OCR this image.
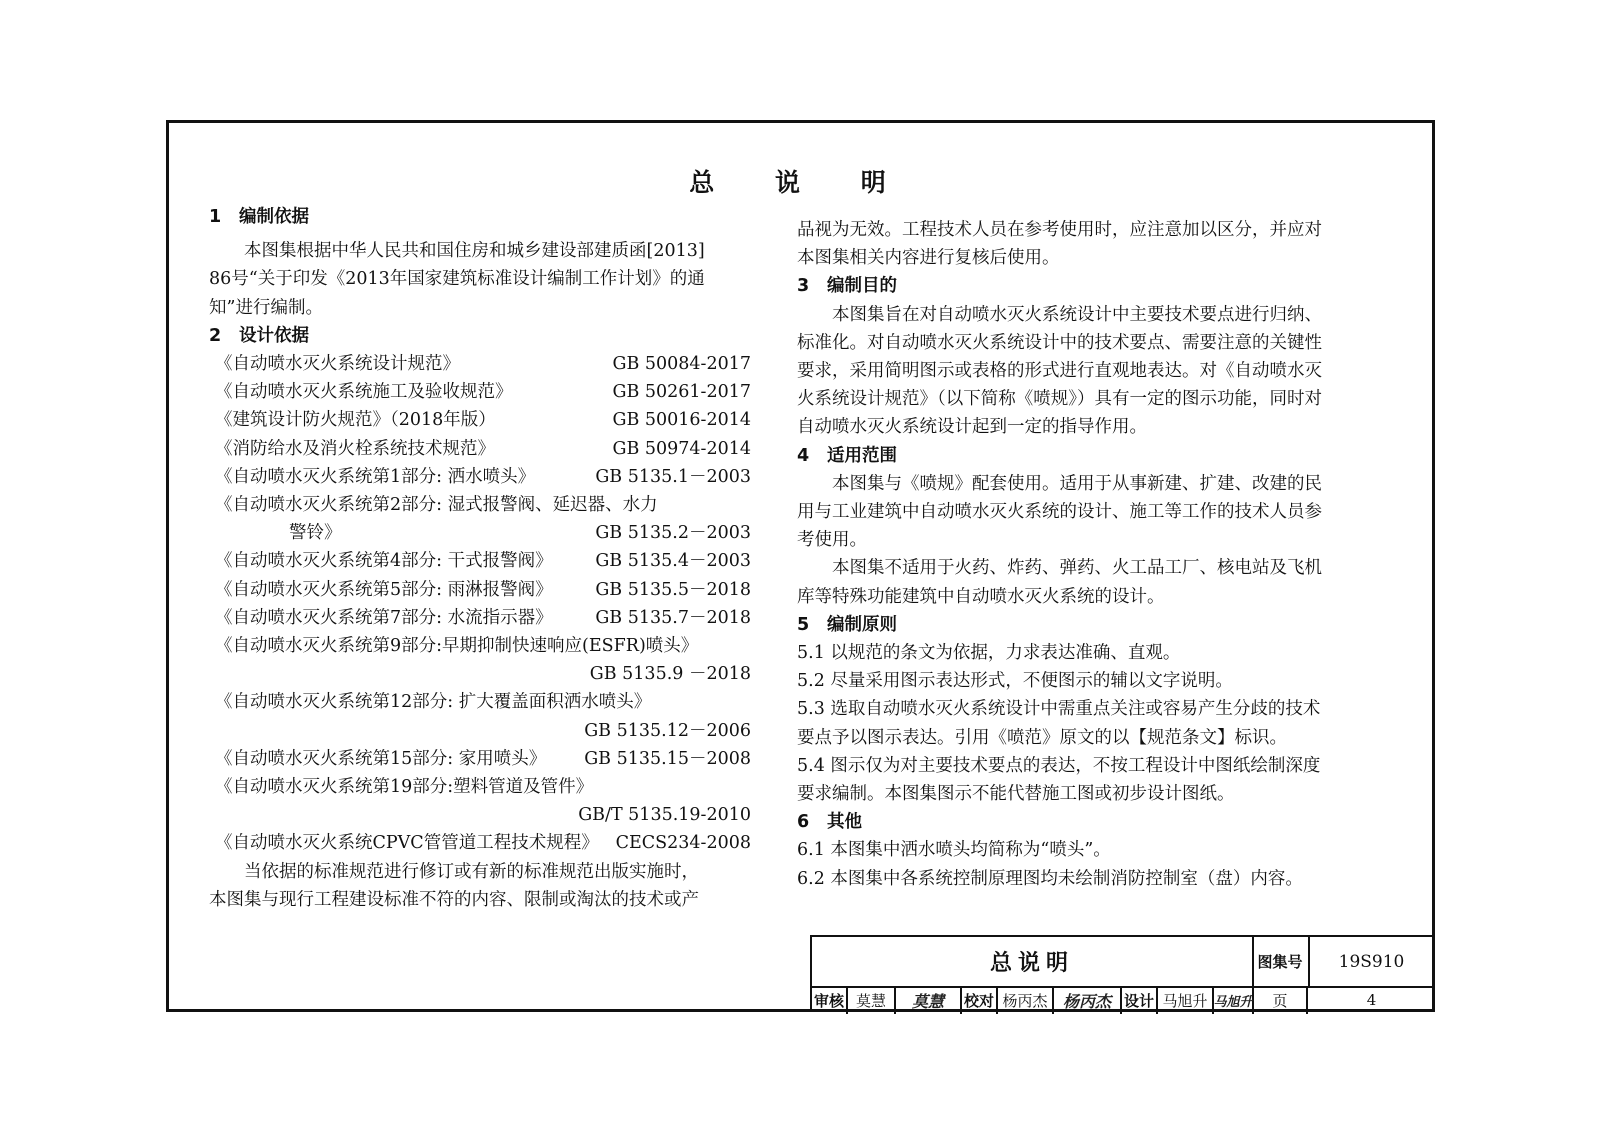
总 说 明
1 编制依据
本图集根据中华人民共和国住房和城乡建设部建质函[2013]
86号“关于印发《2013年国家建筑标准设计编制工作计划》的通
知”进行编制。
2 设计依据
《自动喷水灭火系统设计规范》	GB 50084-2017
《自动喷水灭火系统施工及验收规范》	GB 50261-2017
《建筑设计防火规范》（2018年版）	GB 50016-2014
《消防给水及消火栓系统技术规范》	GB 50974-2014
《自动喷水灭火系统第1部分: 洒水喷头》	GB 5135.1－2003
《自动喷水灭火系统第2部分: 湿式报警阀、延迟器、水力
警铃》	GB 5135.2－2003
《自动喷水灭火系统第4部分: 干式报警阀》 GB 5135.4－2003
《自动喷水灭火系统第5部分: 雨淋报警阀》 GB 5135.5－2018
《自动喷水灭火系统第7部分: 水流指示器》 GB 5135.7－2018
《自动喷水灭火系统第9部分:早期抑制快速响应(ESFR)喷头》
GB 5135.9 －2018
《自动喷水灭火系统第12部分: 扩大覆盖面积洒水喷头》
GB 5135.12－2006
《自动喷水灭火系统第15部分: 家用喷头》 GB 5135.15－2008
《自动喷水灭火系统第19部分:塑料管道及管件》
GB/T 5135.19-2010
《自动喷水灭火系统CPVC管管道工程技术规程》 CECS234-2008
当依据的标准规范进行修订或有新的标准规范出版实施时，
本图集与现行工程建设标准不符的内容、限制或淘汰的技术或产
品视为无效。工程技术人员在参考使用时，应注意加以区分，并应对
本图集相关内容进行复核后使用。
3 编制目的
本图集旨在对自动喷水灭火系统设计中主要技术要点进行归纳、
标准化。对自动喷水灭火系统设计中的技术要点、需要注意的关键性
要求，采用简明图示或表格的形式进行直观地表达。对《自动喷水灭
火系统设计规范》（以下简称《喷规》）具有一定的图示功能，同时对
自动喷水灭火系统设计起到一定的指导作用。
4 适用范围
本图集与《喷规》配套使用。适用于从事新建、扩建、改建的民
用与工业建筑中自动喷水灭火系统的设计、施工等工作的技术人员参
考使用。
本图集不适用于火药、炸药、弹药、火工品工厂、核电站及飞机
库等特殊功能建筑中自动喷水灭火系统的设计。
5 编制原则
5.1 以规范的条文为依据，力求表达准确、直观。
5.2 尽量采用图示表达形式，不便图示的辅以文字说明。
5.3 选取自动喷水灭火系统设计中需重点关注或容易产生分歧的技术
要点予以图示表达。引用《喷范》原文的以【规范条文】标识。
5.4 图示仅为对主要技术要点的表达，不按工程设计中图纸绘制深度
要求编制。本图集图示不能代替施工图或初步设计图纸。
6 其他
6.1 本图集中洒水喷头均简称为“喷头”。
6.2 本图集中各系统控制原理图均未绘制消防控制室（盘）内容。
总说明	图集号	19S910
审核 莫慧	莫慧	校对 杨丙杰 杨丙杰 设计 马旭升 马旭升	页	4
